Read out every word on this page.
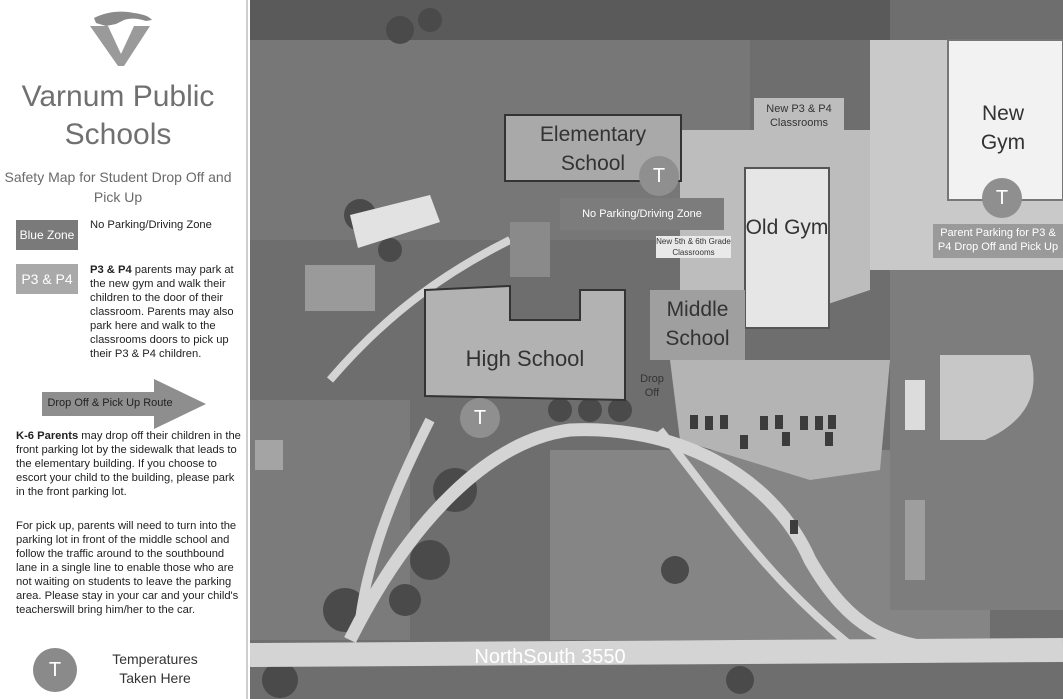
Varnum Public Schools
Safety Map for Student Drop Off and Pick Up
Blue Zone
No Parking/Driving Zone
P3 & P4
P3 & P4 parents may park at the new gym and walk their children to the door of their classroom. Parents may also park here and walk to the classrooms doors to pick up their P3 & P4 children.
Drop Off & Pick Up Route
K-6 Parents may drop off their children in the front parking lot by the sidewalk that leads to the elementary building. If you choose to escort your child to the building, please park in the front parking lot.
For pick up, parents will need to turn into the parking lot in front of the middle school and follow the traffic around to the southbound lane in a single line to enable those who are not waiting on students to leave the parking area. Please stay in your car and your child's teacherswill bring him/her to the car.
T	Temperatures Taken Here
Elementary School
High School
Middle School
Old Gym
New Gym
New P3 & P4 Classrooms
No Parking/Driving Zone
New 5th & 6th Grade Classrooms
Drop Off
Parent Parking for P3 & P4 Drop Off and Pick Up
NorthSouth 3550
T
T
T
